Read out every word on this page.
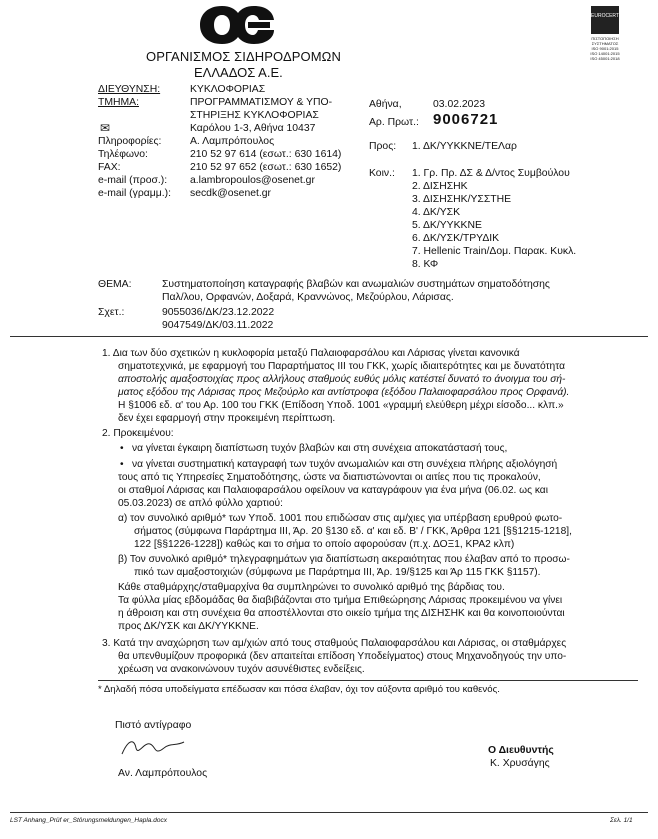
ΟΡΓΑΝΙΣΜΟΣ ΣΙΔΗΡΟΔΡΟΜΩΝ
ΕΛΛΑΔΟΣ Α.Ε.
EUROCERT
ΠΙΣΤΟΠΟΙΗΣΗ ΣΥΣΤΗΜΑΤΟΣ
ISO 9001:2015
ISO 14001:2015
ISO 45001:2018
ΔΙΕΥΘΥΝΣΗ:	ΚΥΚΛΟΦΟΡΙΑΣ
ΤΜΗΜΑ:	ΠΡΟΓΡΑΜΜΑΤΙΣΜΟΥ & ΥΠΟ-
ΣΤΗΡΙΞΗΣ ΚΥΚΛΟΦΟΡΙΑΣ
✉	Καρόλου 1-3, Αθήνα 10437
Πληροφορίες:	Α. Λαμπρόπουλος
Τηλέφωνο:	210 52 97 614 (εσωτ.: 630 1614)
FAX:	210 52 97 652 (εσωτ.: 630 1652)
e-mail (προσ.): a.lambropoulos@osenet.gr
e-mail (γραμμ.): secdk@osenet.gr
Αθήνα,	03.02.2023
Αρ. Πρωτ.: 9006721
Προς: 1. ΔΚ/ΥΥΚΚΝΕ/ΤΕΛαρ
Κοιν.: 1. Γρ. Πρ. ΔΣ & Δ/ντος Συμβούλου
2. ΔΙΣΗΣΗΚ
3. ΔΙΣΗΣΗΚ/ΥΣΣΤΗΕ
4. ΔΚ/ΥΣΚ
5. ΔΚ/ΥΥΚΚΝΕ
6. ΔΚ/ΥΣΚ/ΤΡΥΔΙΚ
7. Hellenic Train/Δομ. Παρακ. Κυκλ.
8. ΚΦ
ΘΕΜΑ:	Συστηματοποίηση καταγραφής βλαβών και ανωμαλιών συστημάτων σηματοδότησης
Παλ/λου, Ορφανών, Δοξαρά, Κραννώνος, Μεζούρλου, Λάρισας.
Σχετ.:	9055036/ΔΚ/23.12.2022
9047549/ΔΚ/03.11.2022
1. Δια των δύο σχετικών η κυκλοφορία μεταξύ Παλαιοφαρσάλου και Λάρισας γίνεται κανονικά
σηματοτεχνικά, με εφαρμογή του Παραρτήματος ΙΙΙ του ΓΚΚ, χωρίς ιδιαιτερότητες και με δυνατότητα
αποστολής αμαξοστοιχίας προς αλλήλους σταθμούς ευθύς μόλις κατέστεί δυνατό το άνοιγμα του σή-
ματος εξόδου της Λάρισας προς Μεζούρλο και αντίστροφα (εξόδου Παλαιοφαρσάλου προς Ορφανά).
Η §1006 εδ. α' του Αρ. 100 του ΓΚΚ (Επίδοση Υποδ. 1001 «γραμμή ελεύθερη μέχρι είσοδο... κλπ.»
δεν έχει εφαρμογή στην προκειμένη περίπτωση.
2. Προκειμένου:
• να γίνεται έγκαιρη διαπίστωση τυχόν βλαβών και στη συνέχεια αποκατάστασή τους,
• να γίνεται συστηματική καταγραφή των τυχόν ανωμαλιών και στη συνέχεια πλήρης αξιολόγησή
τους από τις Υπηρεσίες Σηματοδότησης, ώστε να διαπιστώνονται οι αιτίες που τις προκαλούν,
οι σταθμοί Λάρισας και Παλαιοφαρσάλου οφείλουν να καταγράφουν για ένα μήνα (06.02. ως και
05.03.2023) σε απλό φύλλο χαρτιού:
α) τον συνολικό αριθμό* των Υποδ. 1001 που επιδώσαν στις αμ/χιες για υπέρβαση ερυθρού φωτο-
σήματος (σύμφωνα Παράρτημα ΙΙΙ, Άρ. 20 §130 εδ. α' και εδ. Β' / ΓΚΚ, Άρθρα 121 [§§1215-1218],
122 [§§1226-1228]) καθώς και το σήμα το οποίο αφορούσαν (π.χ. ΔΟΞ1, ΚΡΑ2 κλπ)
β) Τον συνολικό αριθμό* τηλεγραφημάτων για διαπίστωση ακεραιότητας που έλαβαν από το προσω-
πικό των αμαξοστοιχιών (σύμφωνα με Παράρτημα ΙΙΙ, Άρ. 19/§125 και Άρ 115 ΓΚΚ §1157).
Κάθε σταθμάρχης/σταθμαρχίνα θα συμπληρώνει το συνολικό αριθμό της βάρδιας του.
Τα φύλλα μίας εβδομάδας θα διαβιβάζονται στο τμήμα Επιθεώρησης Λάρισας προκειμένου να γίνει
η άθροιση και στη συνέχεια θα αποστέλλονται στο οικείο τμήμα της ΔΙΣΗΣΗΚ και θα κοινοποιούνται
προς ΔΚ/ΥΣΚ και ΔΚ/ΥΥΚΚΝΕ.
3. Κατά την αναχώρηση των αμ/χιών από τους σταθμούς Παλαιοφαρσάλου και Λάρισας, οι σταθμάρχες
θα υπενθυμίζουν προφορικά (δεν απαιτείται επίδοση Υποδείγματος) στους Μηχανοδηγούς την υπο-
χρέωση να ανακοινώνουν τυχόν ασυνέθιστες ενδείξεις.
* Δηλαδή πόσα υποδείγματα επέδωσαν και πόσα έλαβαν, όχι τον αύξοντα αριθμό του καθενός.
Πιστό αντίγραφο
Αν. Λαμπρόπουλος
Ο Διευθυντής
Κ. Χρυσάγης
LST Anhang_Prüf er_Störungsmeldungen_Hapla.docx	Σελ. 1/1
